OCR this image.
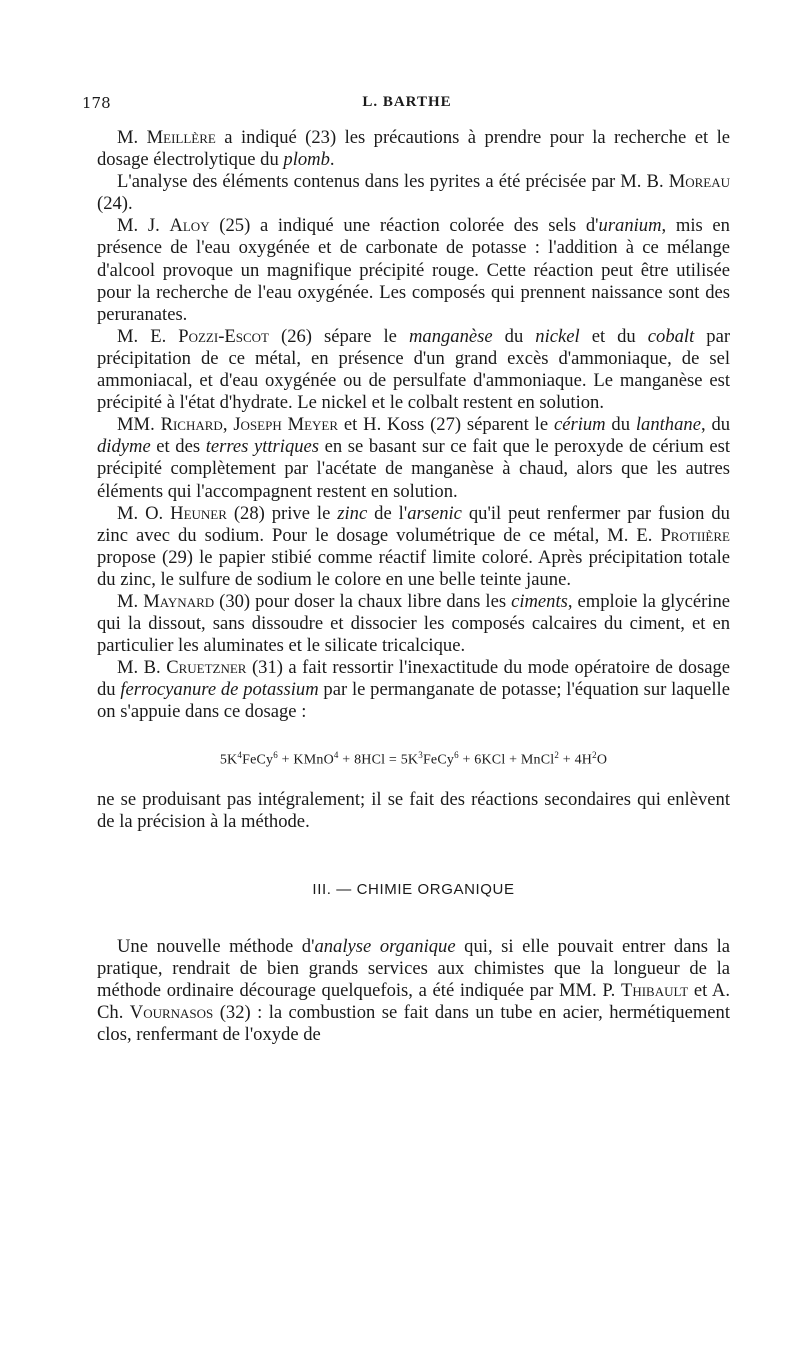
178	L. BARTHE

M. Meillère a indiqué (23) les précautions à prendre pour la recherche et le dosage électrolytique du plomb.

L'analyse des éléments contenus dans les pyrites a été précisée par M. B. Moreau (24).

M. J. Aloy (25) a indiqué une réaction colorée des sels d'uranium, mis en présence de l'eau oxygénée et de carbonate de potasse : l'addition à ce mélange d'alcool provoque un magnifique précipité rouge. Cette réaction peut être utilisée pour la recherche de l'eau oxygénée. Les composés qui prennent naissance sont des peruranates.

M. E. Pozzi-Escot (26) sépare le manganèse du nickel et du cobalt par précipitation de ce métal, en présence d'un grand excès d'ammoniaque, de sel ammoniacal, et d'eau oxygénée ou de persulfate d'ammoniaque. Le manganèse est précipité à l'état d'hydrate. Le nickel et le colbalt restent en solution.

MM. Richard, Joseph Meyer et H. Koss (27) séparent le cérium du lanthane, du didyme et des terres yttriques en se basant sur ce fait que le peroxyde de cérium est précipité complètement par l'acétate de manganèse à chaud, alors que les autres éléments qui l'accompagnent restent en solution.

M. O. Heuner (28) prive le zinc de l'arsenic qu'il peut renfermer par fusion du zinc avec du sodium. Pour le dosage volumétrique de ce métal, M. E. Protiière propose (29) le papier stibié comme réactif limite coloré. Après précipitation totale du zinc, le sulfure de sodium le colore en une belle teinte jaune.

M. Maynard (30) pour doser la chaux libre dans les ciments, emploie la glycérine qui la dissout, sans dissoudre et dissocier les composés calcaires du ciment, et en particulier les aluminates et le silicate tricalcique.

M. B. Cruetzner (31) a fait ressortir l'inexactitude du mode opératoire de dosage du ferrocyanure de potassium par le permanganate de potasse; l'équation sur laquelle on s'appuie dans ce dosage :

$5K^4FeCy^6$ + KMnO$^4$ + $8HCl = 5K^3FeCy^6 + 6KCl$ + MnCl$^2$ + $4H^2O$

ne se produisant pas intégralement; il se fait des réactions secondaires qui enlèvent de la précision à la méthode.

III. — CHIMIE ORGANIQUE

Une nouvelle méthode d'analyse organique qui, si elle pouvait entrer dans la pratique, rendrait de bien grands services aux chimistes que la longueur de la méthode ordinaire décourage quelquefois, a été indiquée par MM. P. Thibault et A. Ch. Vournasos (32) : la combustion se fait dans un tube en acier, hermétiquement clos, renfermant de l'oxyde de
